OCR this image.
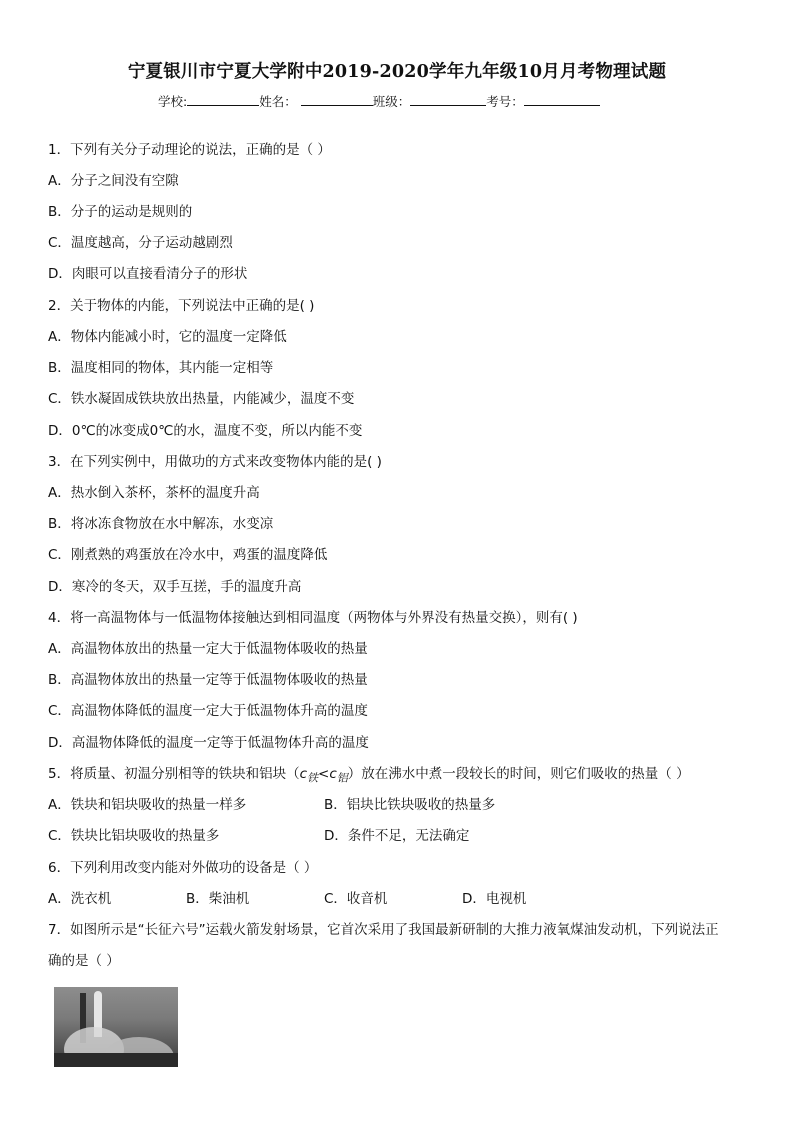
宁夏银川市宁夏大学附中2019-2020学年九年级10月月考物理试题
学校:	姓名：	班级：	考号：
1．下列有关分子动理论的说法，正确的是（ ）
A．分子之间没有空隙
B．分子的运动是规则的
C．温度越高，分子运动越剧烈
D．肉眼可以直接看清分子的形状
2．关于物体的内能，下列说法中正确的是( )
A．物体内能减小时，它的温度一定降低
B．温度相同的物体，其内能一定相等
C．铁水凝固成铁块放出热量，内能减少，温度不变
D．0℃的冰变成0℃的水，温度不变，所以内能不变
3．在下列实例中，用做功的方式来改变物体内能的是( )
A．热水倒入茶杯，茶杯的温度升高
B．将冰冻食物放在水中解冻，水变凉
C．刚煮熟的鸡蛋放在冷水中，鸡蛋的温度降低
D．寒冷的冬天，双手互搓，手的温度升高
4．将一高温物体与一低温物体接触达到相同温度（两物体与外界没有热量交换），则有( )
A．高温物体放出的热量一定大于低温物体吸收的热量
B．高温物体放出的热量一定等于低温物体吸收的热量
C．高温物体降低的温度一定大于低温物体升高的温度
D．高温物体降低的温度一定等于低温物体升高的温度
5．将质量、初温分别相等的铁块和铝块$(c_铁<c_铝)$放在沸水中煮一段较长的时间，则它们吸收的热量（ ）
A．铁块和铝块吸收的热量一样多	B．铝块比铁块吸收的热量多
C．铁块比铝块吸收的热量多	D．条件不足，无法确定
6．下列利用改变内能对外做功的设备是（ ）
A．洗衣机	B．柴油机	C．收音机	D．电视机
7．如图所示是“长征六号”运载火箭发射场景，它首次采用了我国最新研制的大推力液氧煤油发动机，下列说法正
确的是（ ）
